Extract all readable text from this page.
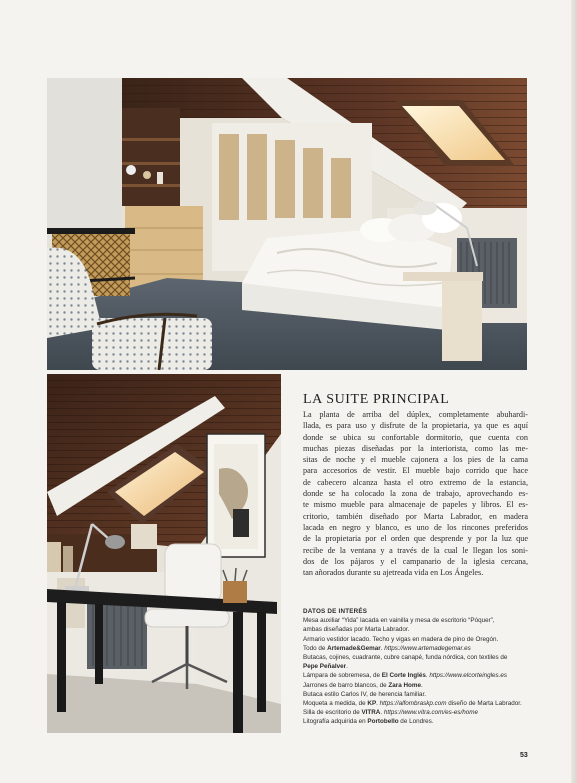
LA SUITE PRINCIPAL

La planta de arriba del dúplex, completamente abuhardi-
llada, es para uso y disfrute de la propietaria, ya que es aquí
donde se ubica su confortable dormitorio, que cuenta con
muchas piezas diseñadas por la interiorista, como las me-
sitas de noche y el mueble cajonera a los pies de la cama
para accesorios de vestir. El mueble bajo corrido que hace
de cabecero alcanza hasta el otro extremo de la estancia,
donde se ha colocado la zona de trabajo, aprovechando es-
te mismo mueble para almacenaje de papeles y libros. El es-
critorio, también diseñado por Marta Labrador, en madera
lacada en negro y blanco, es uno de los rincones preferidos
de la propietaria por el orden que desprende y por la luz que
recibe de la ventana y a través de la cual le llegan los soni-
dos de los pájaros y el campanario de la iglesia cercana,
tan añorados durante su ajetreada vida en Los Ángeles.

DATOS DE INTERÉS
Mesa auxiliar “Yida” lacada en vainilla y mesa de escritorio “Póquer”,
ambas diseñadas por Marta Labrador.
Armario vestidor lacado. Techo y vigas en madera de pino de Oregón.
Todo de Artemade&Gemar. https://www.artemadegemar.es
Butacas, cojines, cuadrante, cubre canapé, funda nórdica, con textiles de
Pepe Peñalver.
Lámpara de sobremesa, de El Corte Inglés. https://www.elcorteingles.es
Jarrones de barro blancos, de Zara Home.
Butaca estilo Carlos IV, de herencia familiar.
Moqueta a medida, de KP. https://alfombraskp.com diseño de Marta Labrador.
Silla de escritorio de VITRA. https://www.vitra.com/es-es/home
Litografía adquirida en Portobello de Londres.
53
